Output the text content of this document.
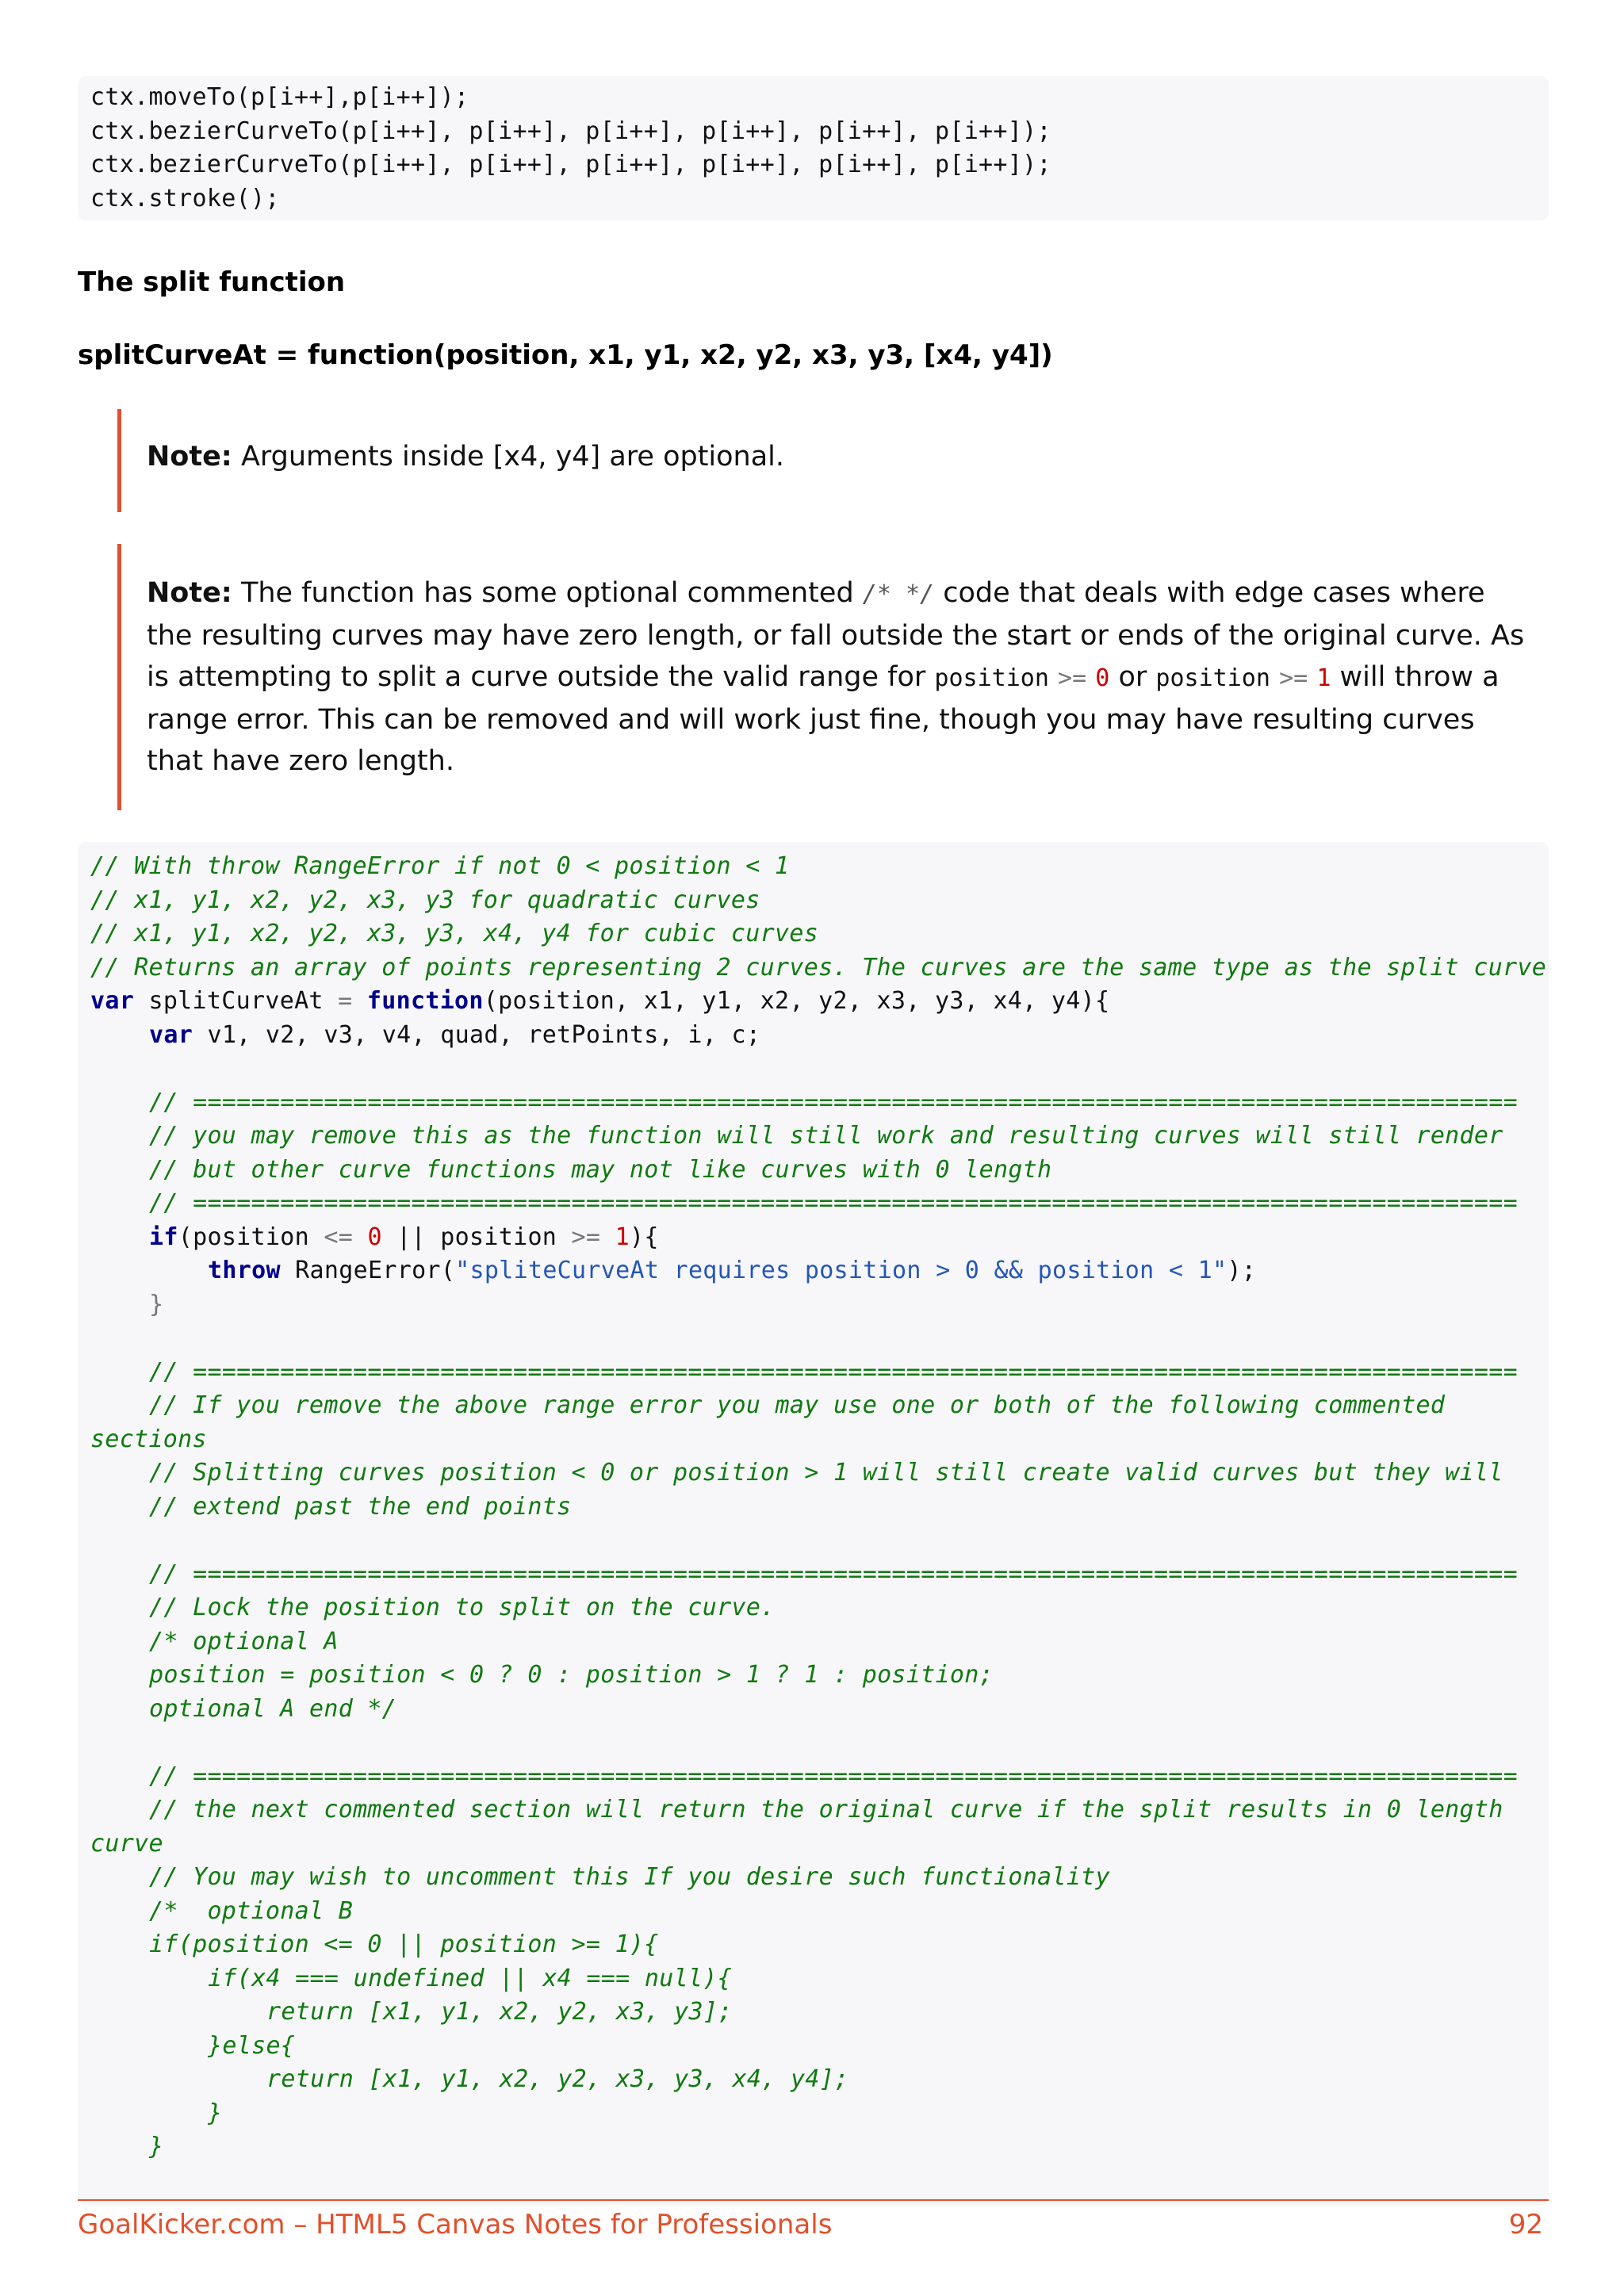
ctx.moveTo(p[i++],p[i++]);
ctx.bezierCurveTo(p[i++], p[i++], p[i++], p[i++], p[i++], p[i++]);
ctx.bezierCurveTo(p[i++], p[i++], p[i++], p[i++], p[i++], p[i++]);
ctx.stroke();
The split function
splitCurveAt = function(position, x1, y1, x2, y2, x3, y3, [x4, y4])
Note: Arguments inside [x4, y4] are optional.
Note: The function has some optional commented /* */ code that deals with edge cases where the resulting curves may have zero length, or fall outside the start or ends of the original curve. As is attempting to split a curve outside the valid range for position >= 0 or position >= 1 will throw a range error. This can be removed and will work just fine, though you may have resulting curves that have zero length.
// With throw RangeError if not 0 < position < 1
// x1, y1, x2, y2, x3, y3 for quadratic curves
// x1, y1, x2, y2, x3, y3, x4, y4 for cubic curves
// Returns an array of points representing 2 curves. The curves are the same type as the split curve
var splitCurveAt = function(position, x1, y1, x2, y2, x3, y3, x4, y4){
var v1, v2, v3, v4, quad, retPoints, i, c;
// ===========================================================================================
// you may remove this as the function will still work and resulting curves will still render
// but other curve functions may not like curves with 0 length
// ===========================================================================================
if(position <= 0 || position >= 1){
throw RangeError("spliteCurveAt requires position > 0 && position < 1");
}
// ===========================================================================================
// If you remove the above range error you may use one or both of the following commented
sections
// Splitting curves position < 0 or position > 1 will still create valid curves but they will
// extend past the end points
// ===========================================================================================
// Lock the position to split on the curve.
/* optional A
position = position < 0 ? 0 : position > 1 ? 1 : position;
optional A end */
// ===========================================================================================
// the next commented section will return the original curve if the split results in 0 length
curve
// You may wish to uncomment this If you desire such functionality
/*  optional B
if(position <= 0 || position >= 1){
if(x4 === undefined || x4 === null){
return [x1, y1, x2, y2, x3, y3];
}else{
return [x1, y1, x2, y2, x3, y3, x4, y4];
}
}
GoalKicker.com – HTML5 Canvas Notes for Professionals	92
